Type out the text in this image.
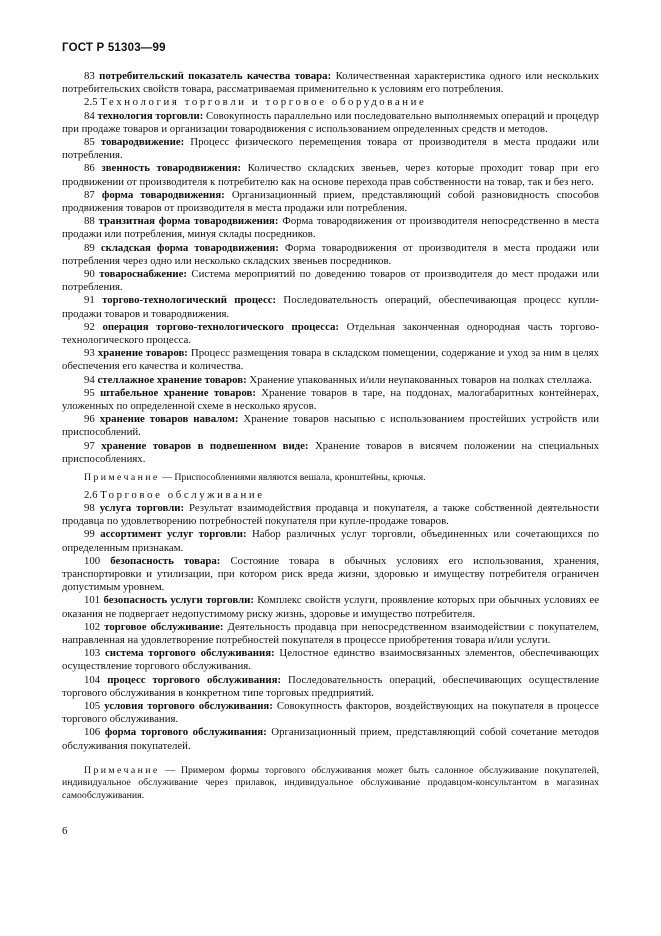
ГОСТ Р 51303—99

83 потребительский показатель качества товара: Количественная характеристика одного или нескольких потребительских свойств товара, рассматриваемая применительно к условиям его потребления.

2.5 Технология торговли и торговое оборудование

84 технология торговли: Совокупность параллельно или последовательно выполняемых операций и процедур при продаже товаров и организации товародвижения с использованием определенных средств и методов.

85 товародвижение: Процесс физического перемещения товара от производителя в места продажи или потребления.

86 звенность товародвижения: Количество складских звеньев, через которые проходит товар при его продвижении от производителя к потребителю как на основе перехода прав собственности на товар, так и без него.

87 форма товародвижения: Организационный прием, представляющий собой разновидность способов продвижения товаров от производителя в места продажи или потребления.

88 транзитная форма товародвижения: Форма товародвижения от производителя непосредственно в места продажи или потребления, минуя склады посредников.

89 складская форма товародвижения: Форма товародвижения от производителя в места продажи или потребления через одно или несколько складских звеньев посредников.

90 товароснабжение: Система мероприятий по доведению товаров от производителя до мест продажи или потребления.

91 торгово-технологический процесс: Последовательность операций, обеспечивающая процесс купли-продажи товаров и товародвижения.

92 операция торгово-технологического процесса: Отдельная законченная однородная часть торгово-технологического процесса.

93 хранение товаров: Процесс размещения товара в складском помещении, содержание и уход за ним в целях обеспечения его качества и количества.

94 стеллажное хранение товаров: Хранение упакованных и/или неупакованных товаров на полках стеллажа.

95 штабельное хранение товаров: Хранение товаров в таре, на поддонах, малогабаритных контейнерах, уложенных по определенной схеме в несколько ярусов.

96 хранение товаров навалом: Хранение товаров насыпью с использованием простейших устройств или приспособлений.

97 хранение товаров в подвешенном виде: Хранение товаров в висячем положении на специальных приспособлениях.

Примечание — Приспособлениями являются вешала, кронштейны, крючья.

2.6 Торговое обслуживание

98 услуга торговли: Результат взаимодействия продавца и покупателя, а также собственной деятельности продавца по удовлетворению потребностей покупателя при купле-продаже товаров.

99 ассортимент услуг торговли: Набор различных услуг торговли, объединенных или сочетающихся по определенным признакам.

100 безопасность товара: Состояние товара в обычных условиях его использования, хранения, транспортировки и утилизации, при котором риск вреда жизни, здоровью и имуществу потребителя ограничен допустимым уровнем.

101 безопасность услуги торговли: Комплекс свойств услуги, проявление которых при обычных условиях ее оказания не подвергает недопустимому риску жизнь, здоровье и имущество потребителя.

102 торговое обслуживание: Деятельность продавца при непосредственном взаимодействии с покупателем, направленная на удовлетворение потребностей покупателя в процессе приобретения товара и/или услуги.

103 система торгового обслуживания: Целостное единство взаимосвязанных элементов, обеспечивающих осуществление торгового обслуживания.

104 процесс торгового обслуживания: Последовательность операций, обеспечивающих осуществление торгового обслуживания в конкретном типе торговых предприятий.

105 условия торгового обслуживания: Совокупность факторов, воздействующих на покупателя в процессе торгового обслуживания.

106 форма торгового обслуживания: Организационный прием, представляющий собой сочетание методов обслуживания покупателей.

Примечание — Примером формы торгового обслуживания может быть салонное обслуживание покупателей, индивидуальное обслуживание через прилавок, индивидуальное обслуживание продавцом-консультантом в магазинах самообслуживания.

6
